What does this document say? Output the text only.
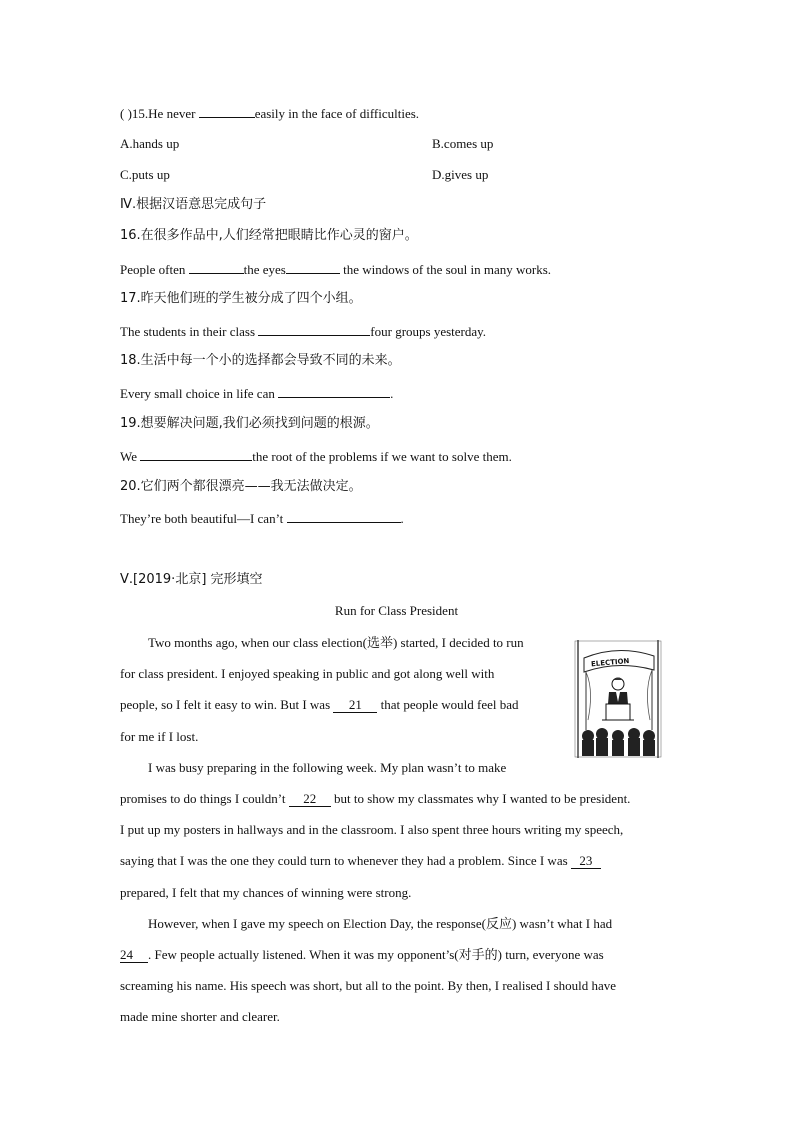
( )15.He never	easily in the face of difficulties.
A.hands up	B.comes up
C.puts up	D.gives up
Ⅳ.根据汉语意思完成句子
16.在很多作品中,人们经常把眼睛比作心灵的窗户。
People often	the eyes	the windows of the soul in many works.
17.昨天他们班的学生被分成了四个小组。
The students in their class	four groups yesterday.
18.生活中每一个小的选择都会导致不同的未来。
Every small choice in life can	.
19.想要解决问题,我们必须找到问题的根源。
We	the root of the problems if we want to solve them.
20.它们两个都很漂亮——我无法做决定。
They’re both beautiful—I can’t	.
Ⅴ.[2019·北京] 完形填空
Run for Class President
ELECTION
Two months ago, when our class election(选举) started, I decided to run
for class president. I enjoyed speaking in public and got along well with
people, so I felt it easy to win. But I was 21 that people would feel bad
for me if I lost.
I was busy preparing in the following week. My plan wasn’t to make
promises to do things I couldn’t 22 but to show my classmates why I wanted to be president.
I put up my posters in hallways and in the classroom. I also spent three hours writing my speech,
saying that I was the one they could turn to whenever they had a problem. Since I was 23
prepared, I felt that my chances of winning were strong.
However, when I gave my speech on Election Day, the response(反应) wasn’t what I had
24 . Few people actually listened. When it was my opponent’s(对手的) turn, everyone was
screaming his name. His speech was short, but all to the point. By then, I realised I should have
made mine shorter and clearer.
